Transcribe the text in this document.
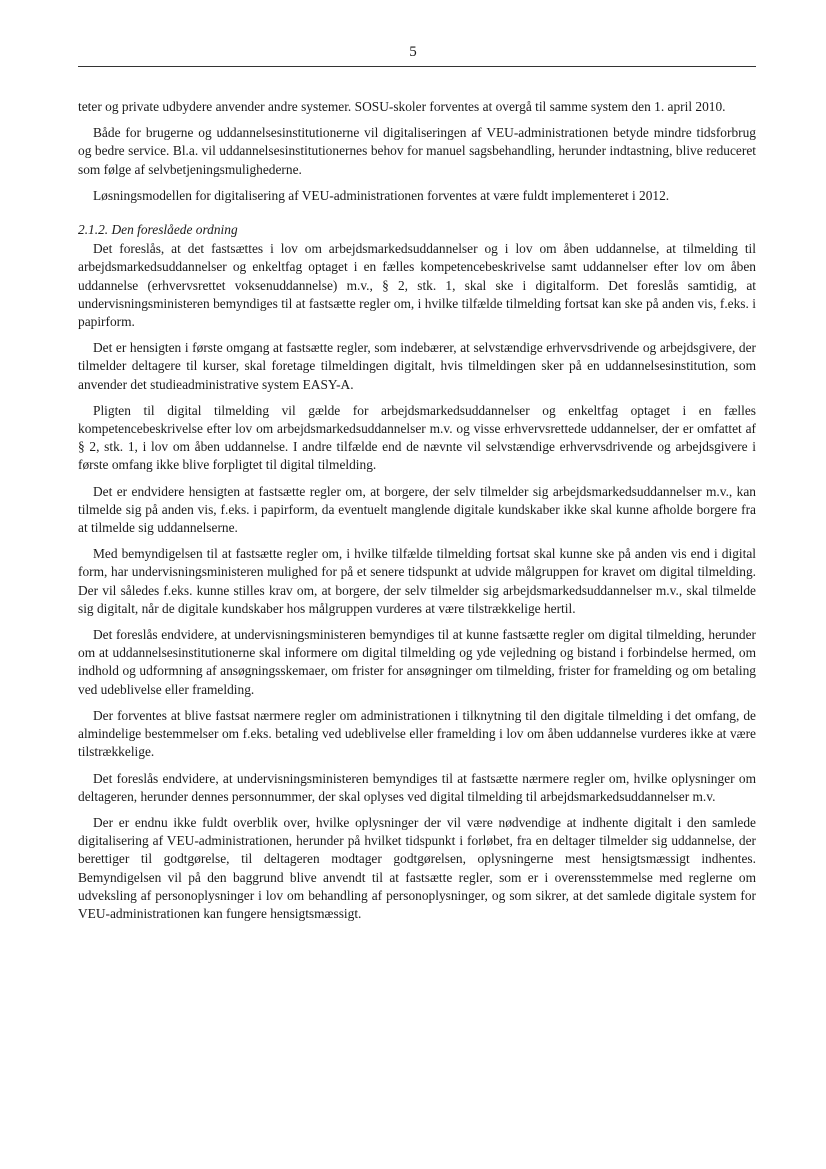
5

teter og private udbydere anvender andre systemer. SOSU-skoler forventes at overgå til samme system den 1. april 2010.

Både for brugerne og uddannelsesinstitutionerne vil digitaliseringen af VEU-administrationen betyde mindre tidsforbrug og bedre service. Bl.a. vil uddannelsesinstitutionernes behov for manuel sagsbehandling, herunder indtastning, blive reduceret som følge af selvbetjeningsmulighederne.

Løsningsmodellen for digitalisering af VEU-administrationen forventes at være fuldt implementeret i 2012.

2.1.2. Den foreslåede ordning

Det foreslås, at det fastsættes i lov om arbejdsmarkedsuddannelser og i lov om åben uddannelse, at tilmelding til arbejdsmarkedsuddannelser og enkeltfag optaget i en fælles kompetencebeskrivelse samt uddannelser efter lov om åben uddannelse (erhvervsrettet voksenuddannelse) m.v., § 2, stk. 1, skal ske i digitalform. Det foreslås samtidig, at undervisningsministeren bemyndiges til at fastsætte regler om, i hvilke tilfælde tilmelding fortsat kan ske på anden vis, f.eks. i papirform.

Det er hensigten i første omgang at fastsætte regler, som indebærer, at selvstændige erhvervsdrivende og arbejdsgivere, der tilmelder deltagere til kurser, skal foretage tilmeldingen digitalt, hvis tilmeldingen sker på en uddannelsesinstitution, som anvender det studieadministrative system EASY-A.

Pligten til digital tilmelding vil gælde for arbejdsmarkedsuddannelser og enkeltfag optaget i en fælles kompetencebeskrivelse efter lov om arbejdsmarkedsuddannelser m.v. og visse erhvervsrettede uddannelser, der er omfattet af § 2, stk. 1, i lov om åben uddannelse. I andre tilfælde end de nævnte vil selvstændige erhvervsdrivende og arbejdsgivere i første omfang ikke blive forpligtet til digital tilmelding.

Det er endvidere hensigten at fastsætte regler om, at borgere, der selv tilmelder sig arbejdsmarkedsuddannelser m.v., kan tilmelde sig på anden vis, f.eks. i papirform, da eventuelt manglende digitale kundskaber ikke skal kunne afholde borgere fra at tilmelde sig uddannelserne.

Med bemyndigelsen til at fastsætte regler om, i hvilke tilfælde tilmelding fortsat skal kunne ske på anden vis end i digital form, har undervisningsministeren mulighed for på et senere tidspunkt at udvide målgruppen for kravet om digital tilmelding. Der vil således f.eks. kunne stilles krav om, at borgere, der selv tilmelder sig arbejdsmarkedsuddannelser m.v., skal tilmelde sig digitalt, når de digitale kundskaber hos målgruppen vurderes at være tilstrækkelige hertil.

Det foreslås endvidere, at undervisningsministeren bemyndiges til at kunne fastsætte regler om digital tilmelding, herunder om at uddannelsesinstitutionerne skal informere om digital tilmelding og yde vejledning og bistand i forbindelse hermed, om indhold og udformning af ansøgningsskemaer, om frister for ansøgninger om tilmelding, frister for framelding og om betaling ved udeblivelse eller framelding.

Der forventes at blive fastsat nærmere regler om administrationen i tilknytning til den digitale tilmelding i det omfang, de almindelige bestemmelser om f.eks. betaling ved udeblivelse eller framelding i lov om åben uddannelse vurderes ikke at være tilstrækkelige.

Det foreslås endvidere, at undervisningsministeren bemyndiges til at fastsætte nærmere regler om, hvilke oplysninger om deltageren, herunder dennes personnummer, der skal oplyses ved digital tilmelding til arbejdsmarkedsuddannelser m.v.

Der er endnu ikke fuldt overblik over, hvilke oplysninger der vil være nødvendige at indhente digitalt i den samlede digitalisering af VEU-administrationen, herunder på hvilket tidspunkt i forløbet, fra en deltager tilmelder sig uddannelse, der berettiger til godtgørelse, til deltageren modtager godtgørelsen, oplysningerne mest hensigtsmæssigt indhentes. Bemyndigelsen vil på den baggrund blive anvendt til at fastsætte regler, som er i overensstemmelse med reglerne om udveksling af personoplysninger i lov om behandling af personoplysninger, og som sikrer, at det samlede digitale system for VEU-administrationen kan fungere hensigtsmæssigt.
